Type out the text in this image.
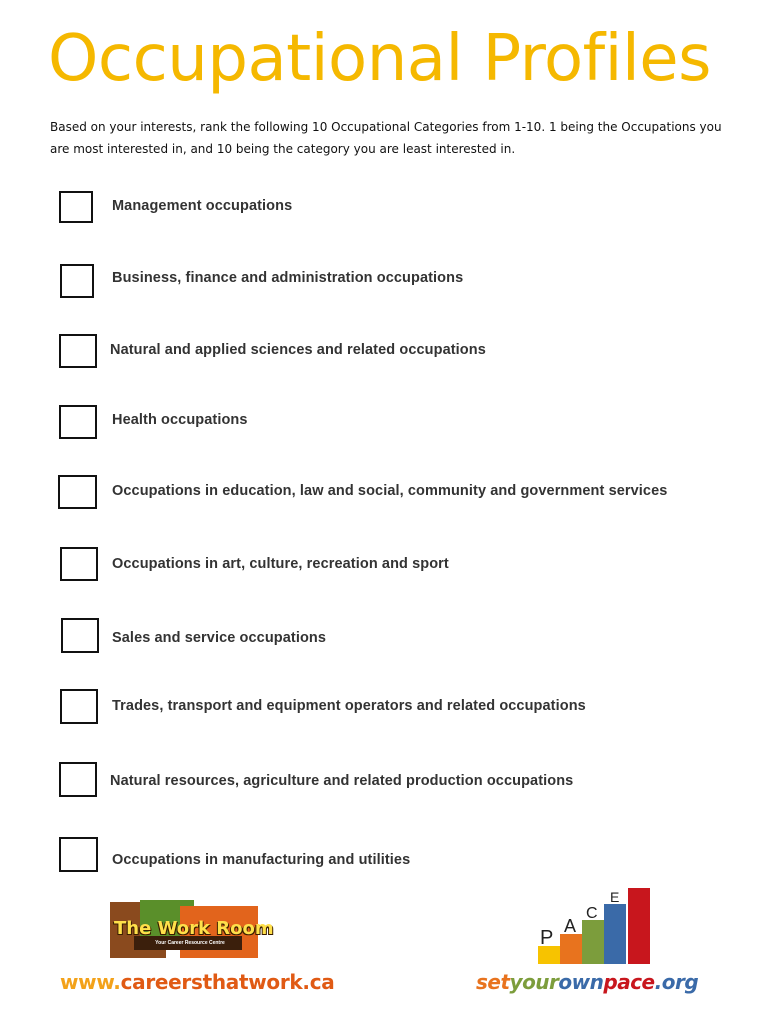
Occupational Profiles

Based on your interests, rank the following 10 Occupational Categories from 1-10. 1 being the Occupations you are most interested in, and 10 being the category you are least interested in.

Management occupations
Business, finance and administration occupations
Natural and applied sciences and related occupations
Health occupations
Occupations in education, law and social, community and government services
Occupations in art, culture, recreation and sport
Sales and service occupations
Trades, transport and equipment operators and related occupations
Natural resources, agriculture and related production occupations
Occupations in manufacturing and utilities
The Work Room
Your Career Resource Centre
www.careersthatwork.ca
P
A
C
E
setyourownpace.org
